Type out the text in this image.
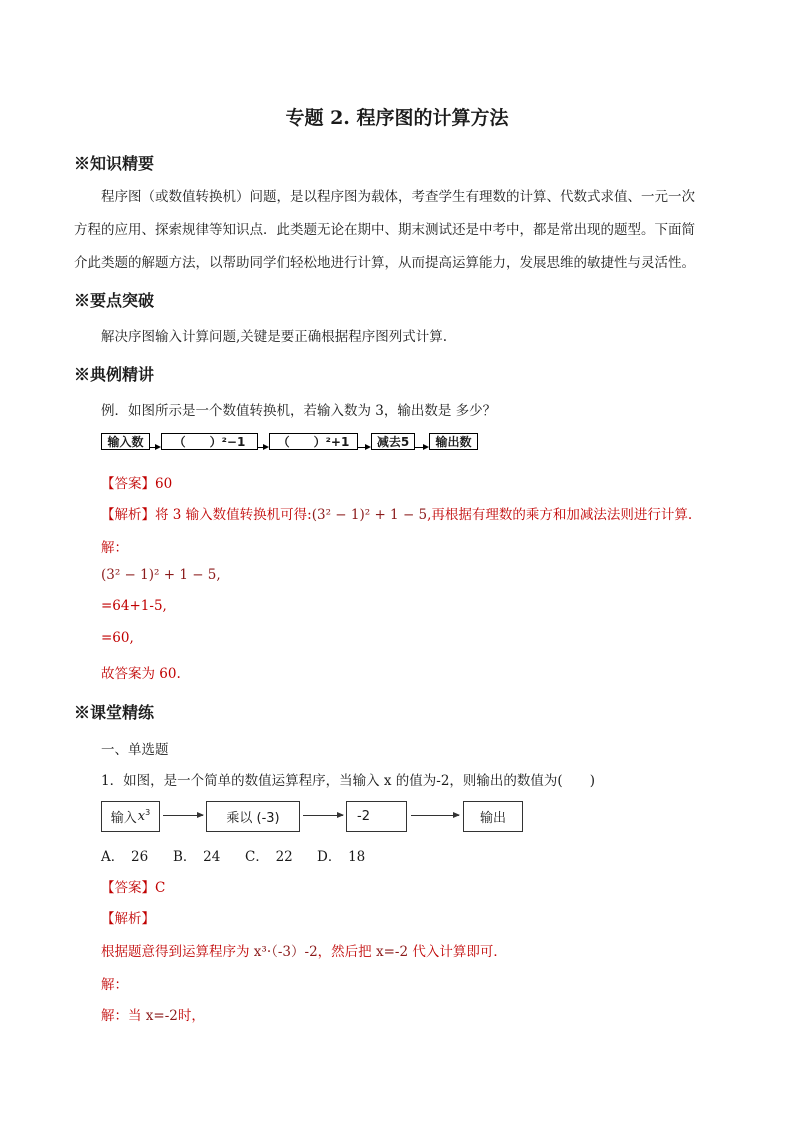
专题 2. 程序图的计算方法
※知识精要
程序图（或数值转换机）问题，是以程序图为载体，考查学生有理数的计算、代数式求值、一元一次
方程的应用、探索规律等知识点．此类题无论在期中、期末测试还是中考中，都是常出现的题型。下面简
介此类题的解题方法，以帮助同学们轻松地进行计算，从而提高运算能力，发展思维的敏捷性与灵活性。
※要点突破
解决序图输入计算问题,关键是要正确根据程序图列式计算.
※典例精讲
例．如图所示是一个数值转换机，若输入数为 3，输出数是 多少？
输入数	（　　）²−1	（　　）²+1	减去5	输出数
【答案】60
【解析】将 3 输入数值转换机可得:(3² − 1)² + 1 − 5,再根据有理数的乘方和加减法法则进行计算.
解：
(3² − 1)² + 1 − 5,
=64+1-5,
=60,
故答案为 60.
※课堂精练
一、单选题
1．如图，是一个简单的数值运算程序，当输入 x 的值为-2，则输出的数值为(　　)
输入 $x^3$	乘以 (-3)	-2	输出
A．　26 B．　24 C．　22 D．　18
【答案】C
【解析】
根据题意得到运算程序为 x³·（-3）-2，然后把 x=-2 代入计算即可．
解：
解：当 x=-2时，
